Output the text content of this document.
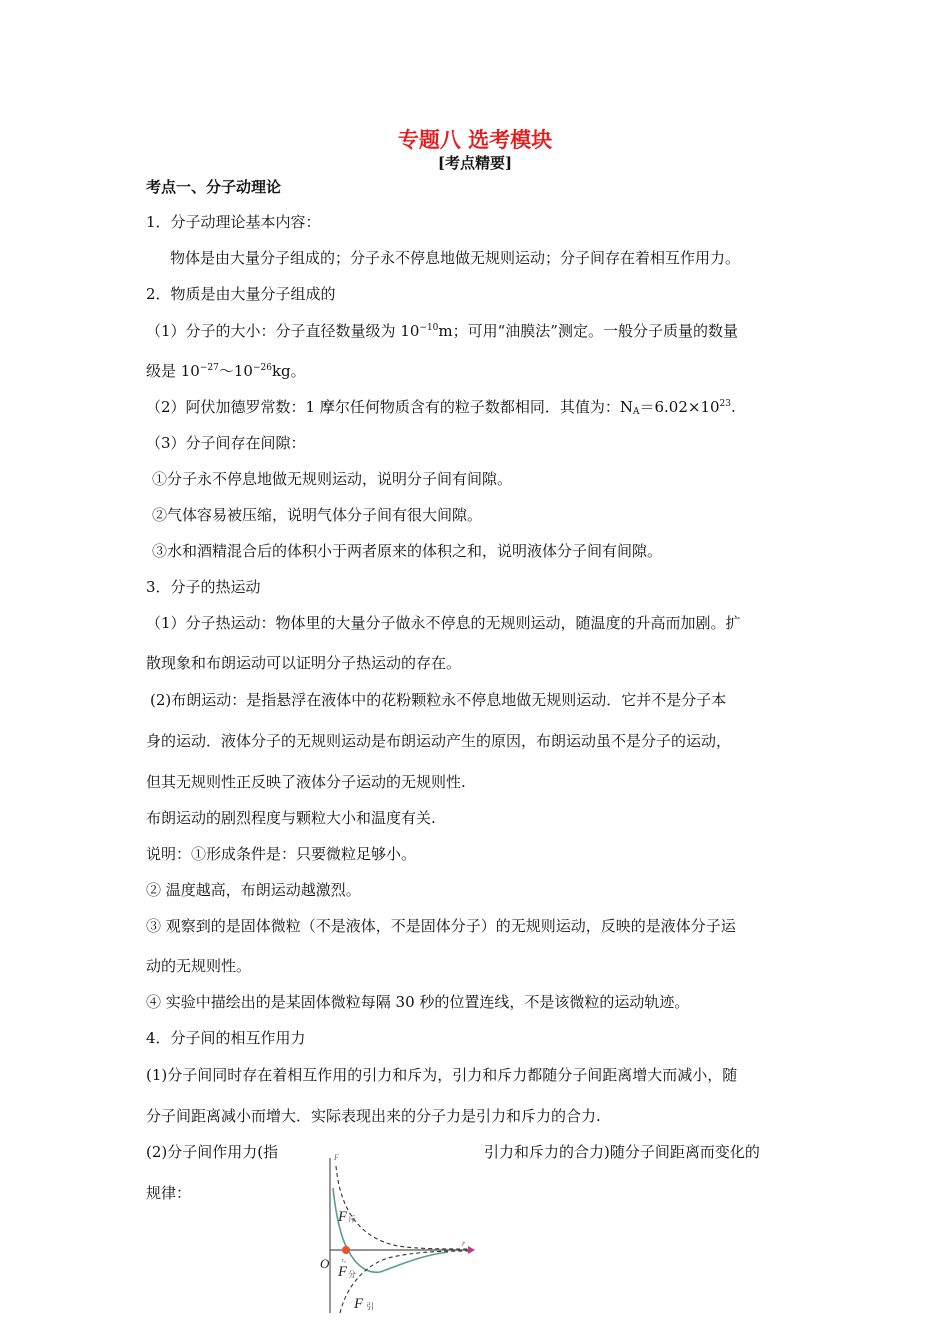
专题八 选考模块
[考点精要]
考点一、分子动理论
1．分子动理论基本内容：
物体是由大量分子组成的；分子永不停息地做无规则运动；分子间存在着相互作用力。
2．物质是由大量分子组成的
（1）分子的大小：分子直径数量级为 $10^{-10}m$；可用“油膜法”测定。一般分子质量的数量
级是 $10^{-27}\sim 10^{-26}kg$。
（2）阿伏加德罗常数：1 摩尔任何物质含有的粒子数都相同．其值为：$N_A=6.02\times 10^{23}$.
（3）分子间存在间隙：
①分子永不停息地做无规则运动，说明分子间有间隙。
②气体容易被压缩，说明气体分子间有很大间隙。
③水和酒精混合后的体积小于两者原来的体积之和，说明液体分子间有间隙。
3．分子的热运动
（1）分子热运动：物体里的大量分子做永不停息的无规则运动，随温度的升高而加剧。扩
散现象和布朗运动可以证明分子热运动的存在。
(2)布朗运动：是指悬浮在液体中的花粉颗粒永不停息地做无规则运动．它并不是分子本
身的运动．液体分子的无规则运动是布朗运动产生的原因，布朗运动虽不是分子的运动，
但其无规则性正反映了液体分子运动的无规则性.
布朗运动的剧烈程度与颗粒大小和温度有关.
说明：①形成条件是：只要微粒足够小。
② 温度越高，布朗运动越激烈。
③ 观察到的是固体微粒（不是液体，不是固体分子）的无规则运动，反映的是液体分子运
动的无规则性。
④ 实验中描绘出的是某固体微粒每隔 30 秒的位置连线，不是该微粒的运动轨迹。
4．分子间的相互作用力
(1)分子间同时存在着相互作用的引力和斥为，引力和斥力都随分子间距离增大而减小，随
分子间距离减小而增大．实际表现出来的分子力是引力和斥力的合力.
(2)分子间作用力(指	引力和斥力的合力)随分子间距离而变化的
规律：
F
r
O r₀
F 斥
F 分
F 引
